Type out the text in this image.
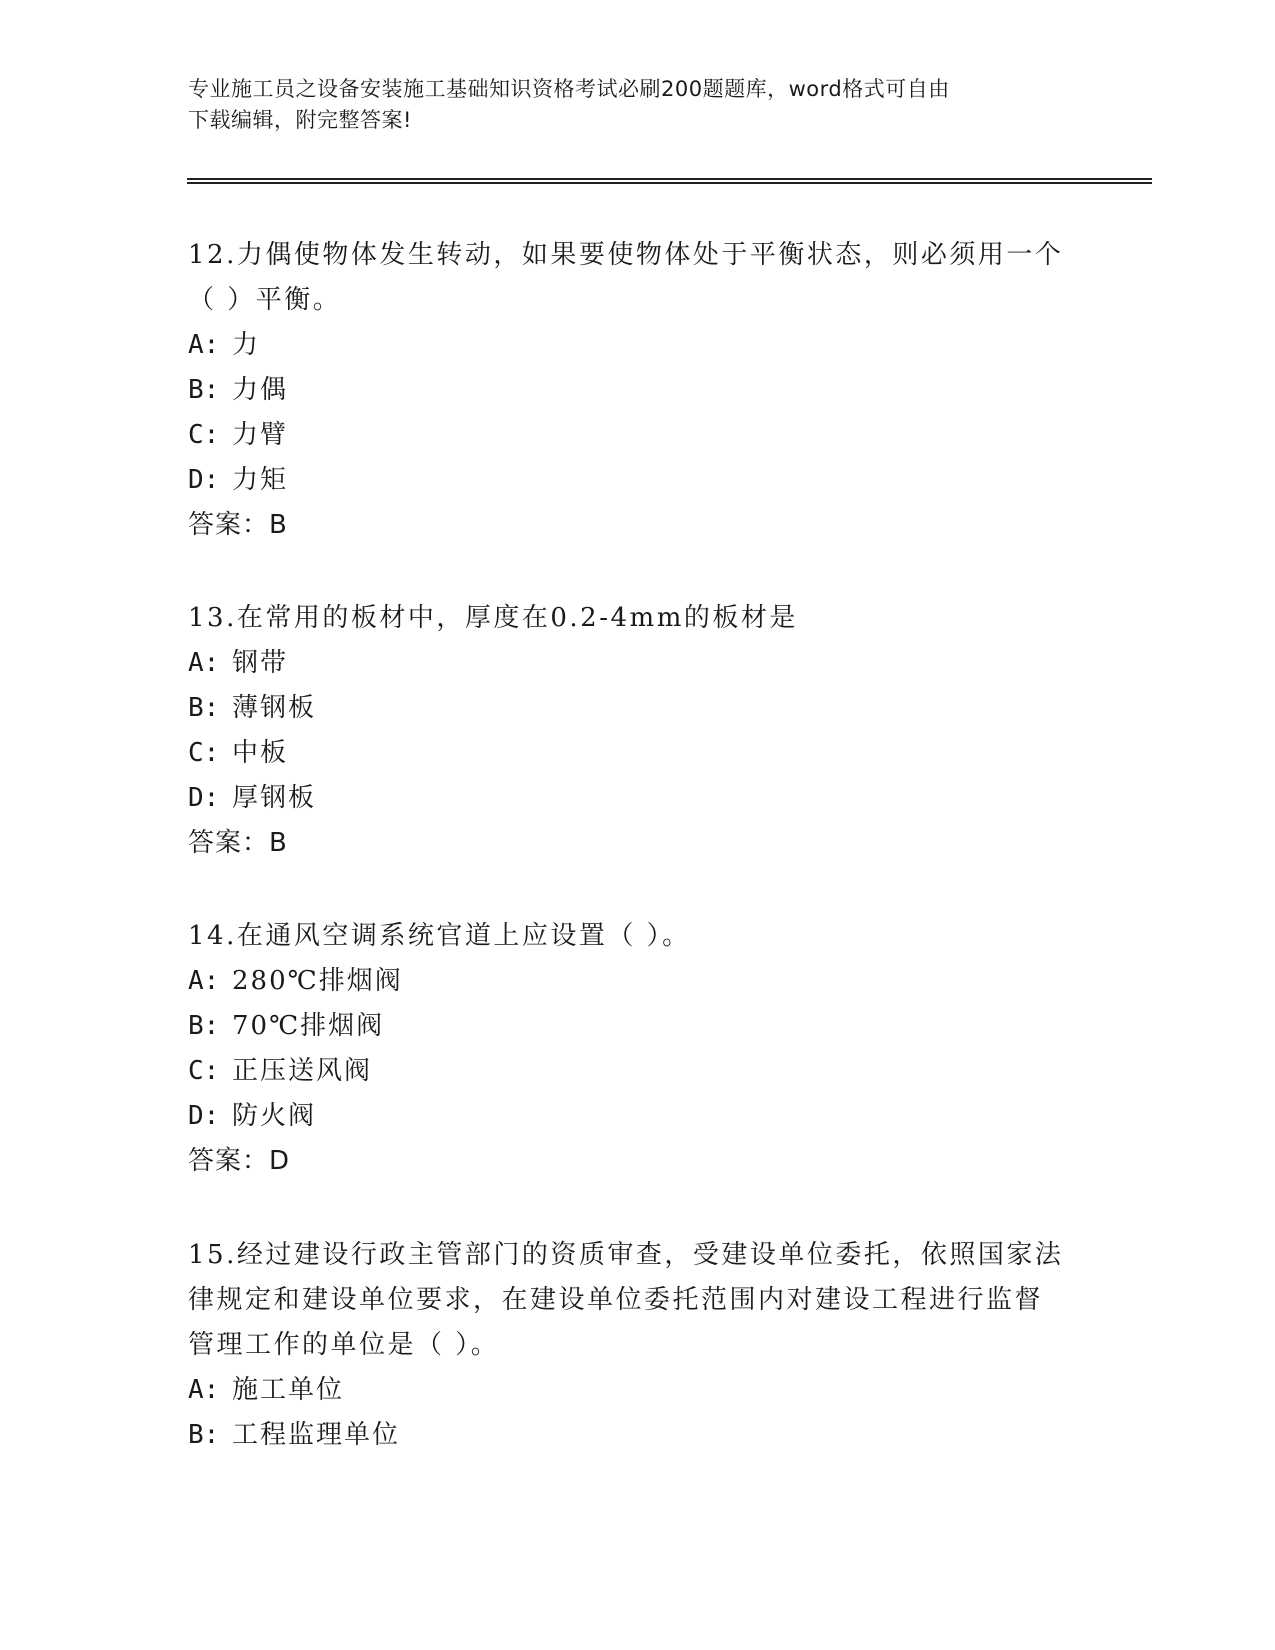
专业施工员之设备安装施工基础知识资格考试必刷200题题库，word格式可自由
下载编辑，附完整答案!

12.力偶使物体发生转动，如果要使物体处于平衡状态，则必须用一个

（ ）平衡。

A: 力

B: 力偶

C: 力臂

D: 力矩

答案：B

13.在常用的板材中，厚度在0.2-4mm的板材是

A: 钢带

B: 薄钢板

C: 中板

D: 厚钢板

答案：B

14.在通风空调系统官道上应设置（ ）。

A: 280℃排烟阀

B: 70℃排烟阀

C: 正压送风阀

D: 防火阀

答案：D

15.经过建设行政主管部门的资质审查，受建设单位委托，依照国家法

律规定和建设单位要求，在建设单位委托范围内对建设工程进行监督

管理工作的单位是（ ）。

A: 施工单位

B: 工程监理单位
